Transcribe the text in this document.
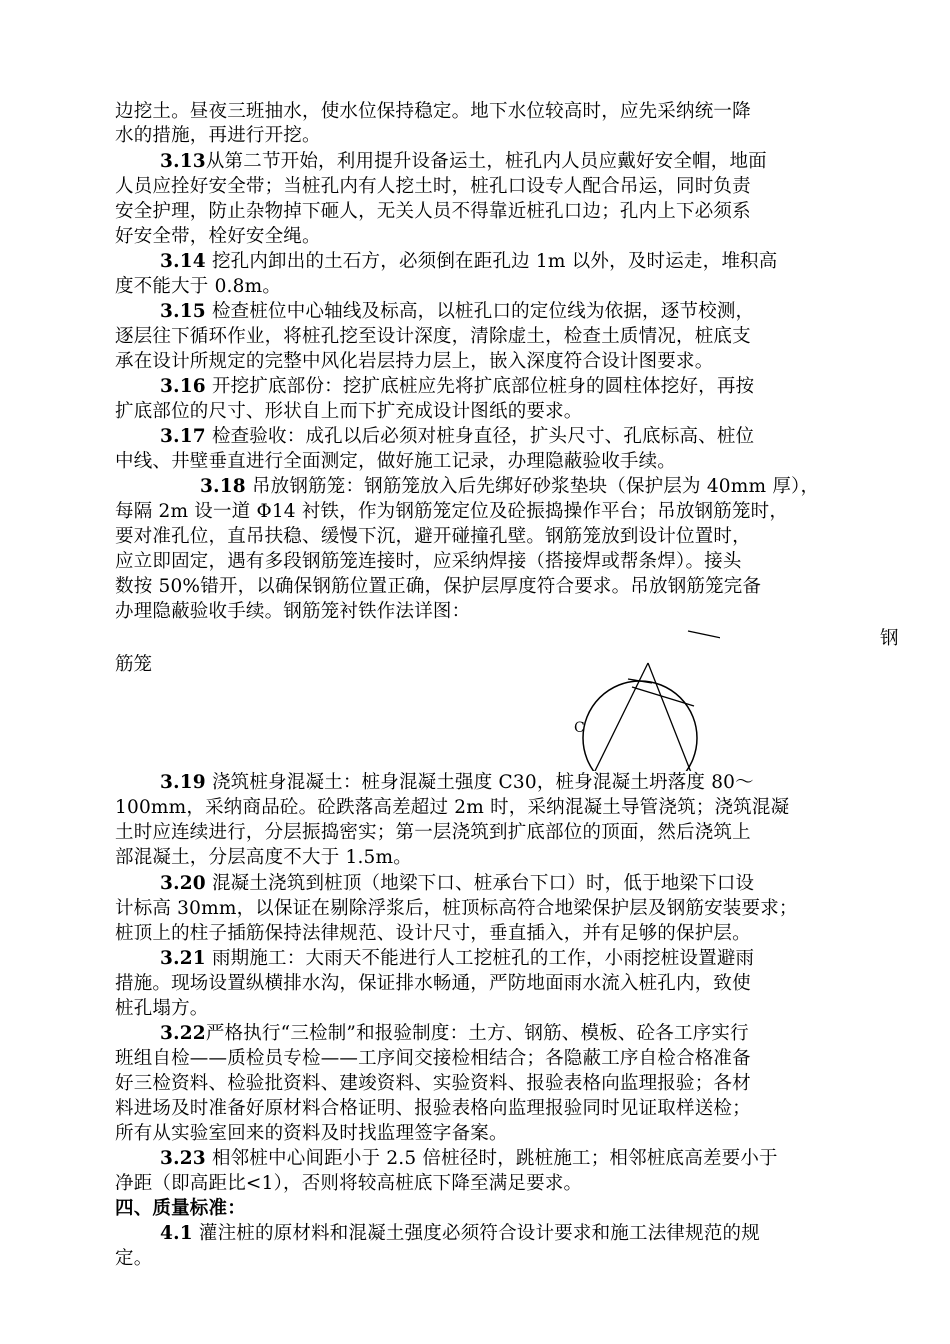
边挖土。昼夜三班抽水，使水位保持稳定。地下水位较高时，应先采纳统一降
水的措施，再进行开挖。
3.13从第二节开始，利用提升设备运土，桩孔内人员应戴好安全帽，地面
人员应拴好安全带；当桩孔内有人挖土时，桩孔口设专人配合吊运，同时负责
安全护理，防止杂物掉下砸人，无关人员不得靠近桩孔口边；孔内上下必须系
好安全带，栓好安全绳。
3.14 挖孔内卸出的土石方，必须倒在距孔边 1m 以外，及时运走，堆积高
度不能大于 0.8m。
3.15 检查桩位中心轴线及标高，以桩孔口的定位线为依据，逐节校测，
逐层往下循环作业，将桩孔挖至设计深度，清除虚土，检查土质情况，桩底支
承在设计所规定的完整中风化岩层持力层上，嵌入深度符合设计图要求。
3.16 开挖扩底部份：挖扩底桩应先将扩底部位桩身的圆柱体挖好，再按
扩底部位的尺寸、形状自上而下扩充成设计图纸的要求。
3.17 检查验收：成孔以后必须对桩身直径，扩头尺寸、孔底标高、桩位
中线、井壁垂直进行全面测定，做好施工记录，办理隐蔽验收手续。
3.18 吊放钢筋笼：钢筋笼放入后先绑好砂浆垫块（保护层为 40mm 厚），
每隔 2m 设一道 Φ14 衬铁，作为钢筋笼定位及砼振捣操作平台；吊放钢筋笼时，
要对准孔位，直吊扶稳、缓慢下沉，避开碰撞孔壁。钢筋笼放到设计位置时，
应立即固定，遇有多段钢筋笼连接时，应采纳焊接（搭接焊或帮条焊）。接头
数按 50%错开，以确保钢筋位置正确，保护层厚度符合要求。吊放钢筋笼完备
办理隐蔽验收手续。钢筋笼衬铁作法详图：
钢
筋笼
C
3.19 浇筑桩身混凝土：桩身混凝土强度 C30，桩身混凝土坍落度 80～
100mm，采纳商品砼。砼跌落高差超过 2m 时，采纳混凝土导管浇筑；浇筑混凝
土时应连续进行，分层振捣密实；第一层浇筑到扩底部位的顶面，然后浇筑上
部混凝土，分层高度不大于 1.5m。
3.20 混凝土浇筑到桩顶（地梁下口、桩承台下口）时，低于地梁下口设
计标高 30mm，以保证在剔除浮浆后，桩顶标高符合地梁保护层及钢筋安装要求；
桩顶上的柱子插筋保持法律规范、设计尺寸，垂直插入，并有足够的保护层。
3.21 雨期施工：大雨天不能进行人工挖桩孔的工作，小雨挖桩设置避雨
措施。现场设置纵横排水沟，保证排水畅通，严防地面雨水流入桩孔内，致使
桩孔塌方。
3.22严格执行“三检制”和报验制度：土方、钢筋、模板、砼各工序实行
班组自检——质检员专检——工序间交接检相结合；各隐蔽工序自检合格准备
好三检资料、检验批资料、建竣资料、实验资料、报验表格向监理报验；各材
料进场及时准备好原材料合格证明、报验表格向监理报验同时见证取样送检；
所有从实验室回来的资料及时找监理签字备案。
3.23 相邻桩中心间距小于 2.5 倍桩径时，跳桩施工；相邻桩底高差要小于
净距（即高距比<1），否则将较高桩底下降至满足要求。
四、质量标准：
4.1 灌注桩的原材料和混凝土强度必须符合设计要求和施工法律规范的规
定。
